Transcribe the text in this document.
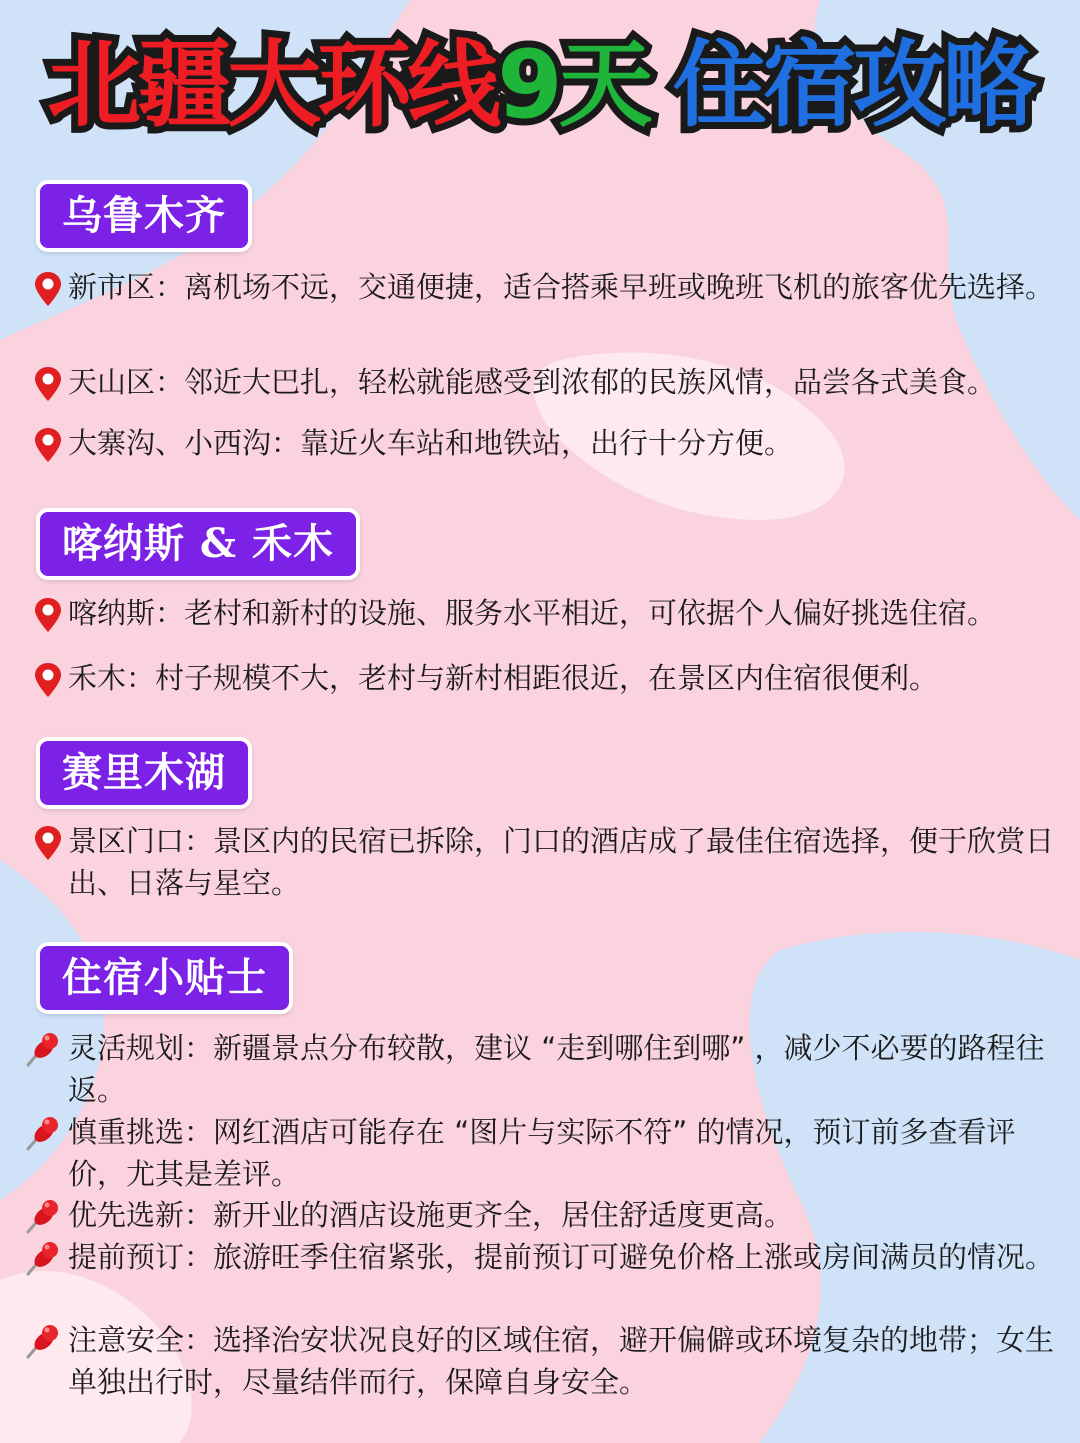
北疆大环线9天 住宿攻略
乌鲁木齐
新市区：离机场不远，交通便捷，适合搭乘早班或晚班飞机的旅客优先选择。
天山区：邻近大巴扎，轻松就能感受到浓郁的民族风情，品尝各式美食。
大寨沟、小西沟：靠近火车站和地铁站，出行十分方便。
喀纳斯 & 禾木
喀纳斯：老村和新村的设施、服务水平相近，可依据个人偏好挑选住宿。
禾木：村子规模不大，老村与新村相距很近，在景区内住宿很便利。
赛里木湖
景区门口：景区内的民宿已拆除，门口的酒店成了最佳住宿选择，便于欣赏日出、日落与星空。
住宿小贴士
灵活规划：新疆景点分布较散，建议 “走到哪住到哪” ，减少不必要的路程往返。
慎重挑选：网红酒店可能存在 “图片与实际不符” 的情况，预订前多查看评价，尤其是差评。
优先选新：新开业的酒店设施更齐全，居住舒适度更高。
提前预订：旅游旺季住宿紧张，提前预订可避免价格上涨或房间满员的情况。
注意安全：选择治安状况良好的区域住宿，避开偏僻或环境复杂的地带；女生单独出行时，尽量结伴而行，保障自身安全。
